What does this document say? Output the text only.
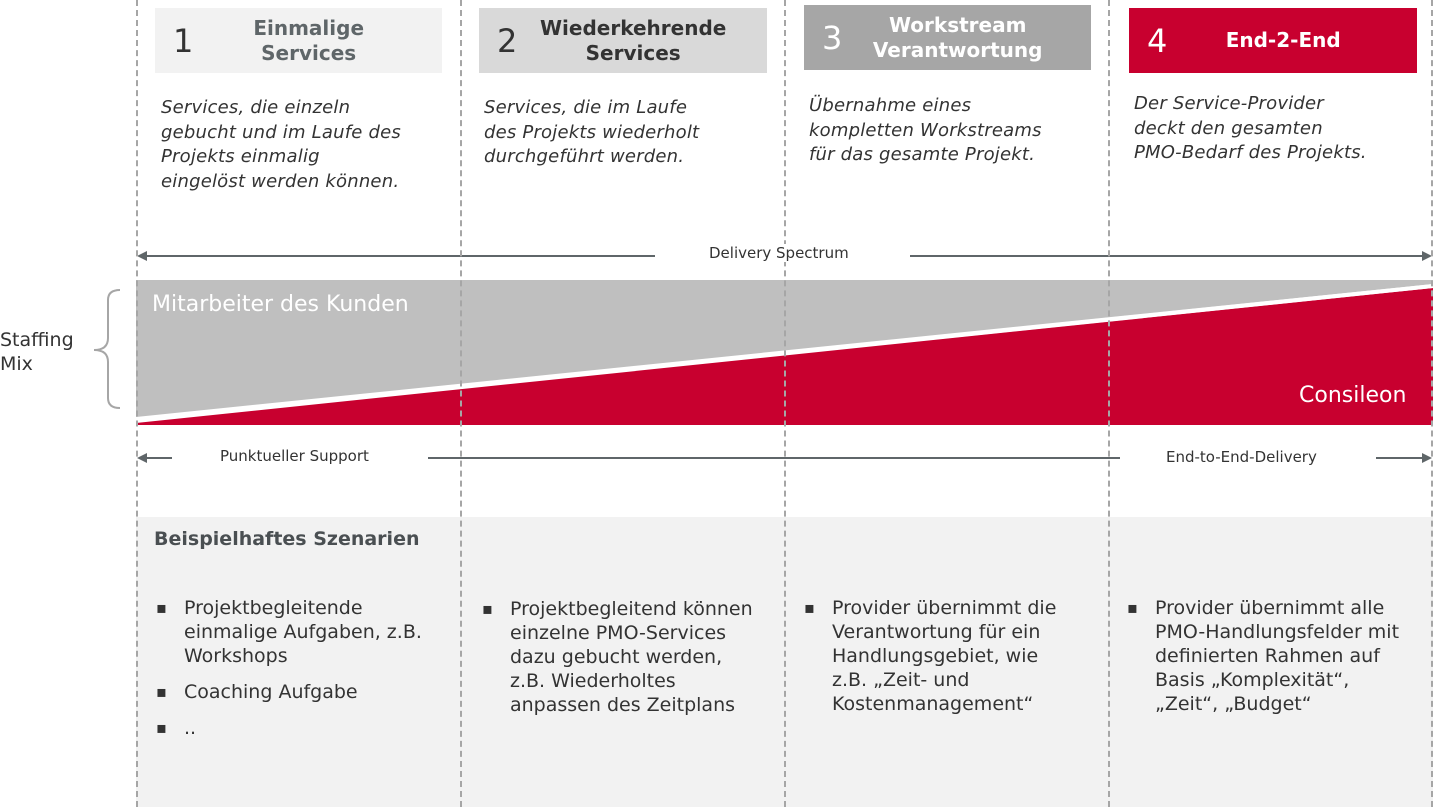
1	Einmalige
Services	2	Wiederkehrende
Services	3	Workstream
Verantwortung	4	End-2-End
Services, die einzeln
gebucht und im Laufe des
Projekts einmalig
eingelöst werden können.
Services, die im Laufe
des Projekts wiederholt
durchgeführt werden.
Übernahme eines
kompletten Workstreams
für das gesamte Projekt.
Der Service-Provider
deckt den gesamten
PMO-Bedarf des Projekts.
Delivery Spectrum
Punktueller Support	End-to-End-Delivery
Staffing
Mix
Mitarbeiter des Kunden
Consileon
Beispielhaftes Szenarien
▪ Projektbegleitende
einmalige Aufgaben, z.B.
Workshops
▪ Coaching Aufgabe
▪ ..
▪ Projektbegleitend können
einzelne PMO-Services
dazu gebucht werden,
z.B. Wiederholtes
anpassen des Zeitplans
▪ Provider übernimmt die
Verantwortung für ein
Handlungsgebiet, wie
z.B. „Zeit- und
Kostenmanagement“
▪ Provider übernimmt alle
PMO-Handlungsfelder mit
definierten Rahmen auf
Basis „Komplexität“,
„Zeit“, „Budget“
